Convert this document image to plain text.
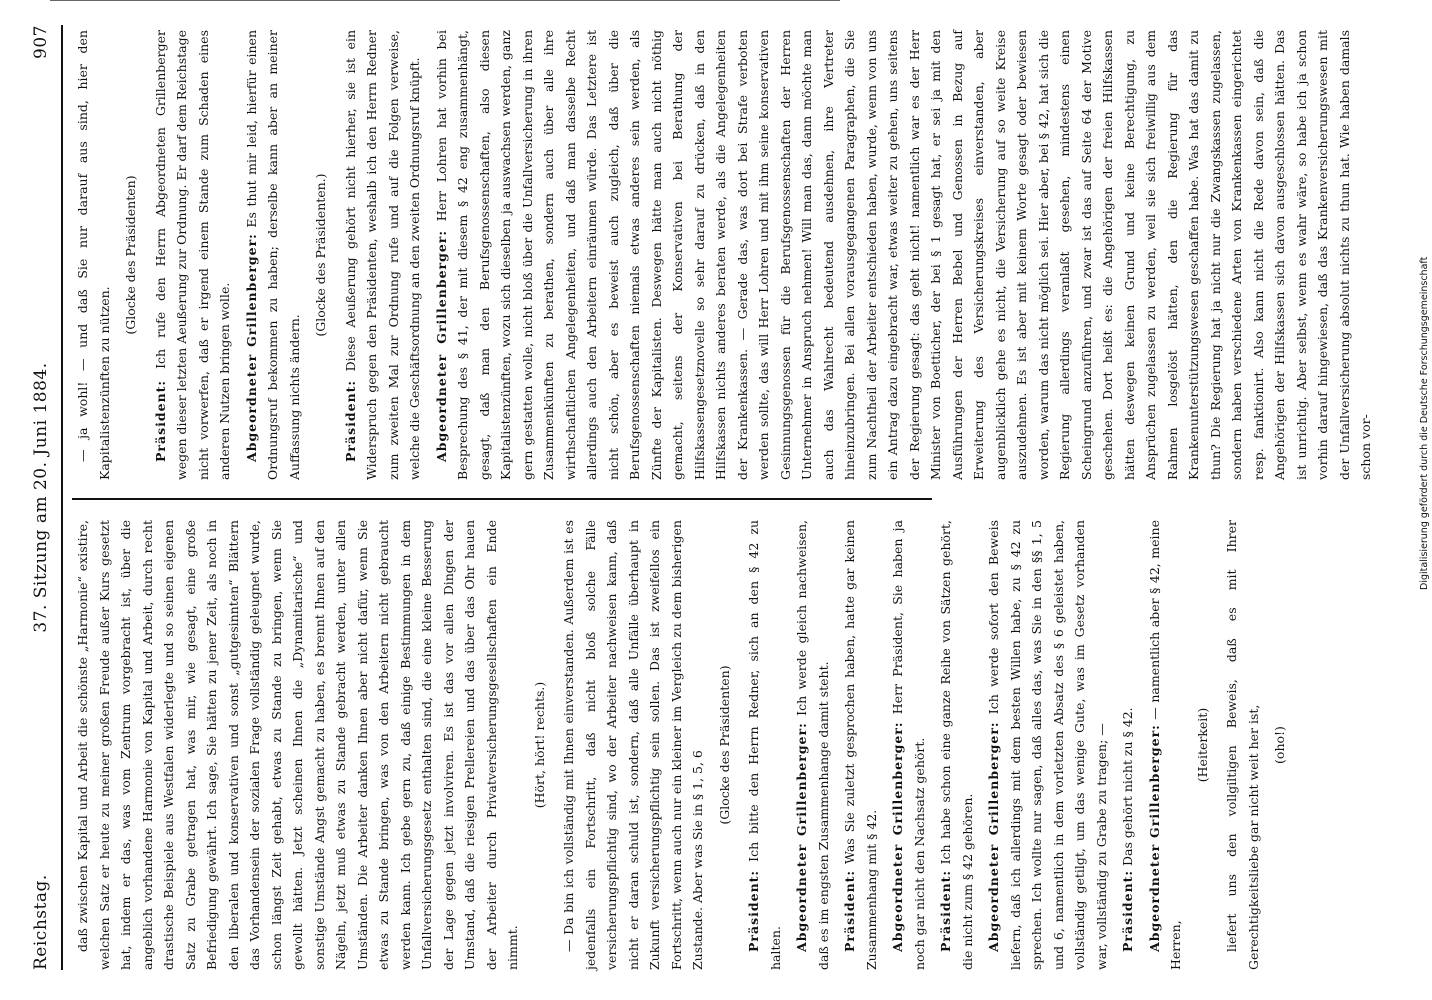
Reichstag.
37. Sitzung am 20. Juni 1884.
907

daß zwischen Kapital und Arbeit die schönste „Harmonie“ existire, welchen Satz er heute zu meiner großen Freude außer Kurs gesetzt hat, indem er das, was vom Zentrum vorgebracht ist, über die angeblich vorhandene Harmonie von Kapital und Arbeit, durch recht drastische Beispiele aus Westfalen widerlegte und so seinen eigenen Satz zu Grabe getragen hat, was mir, wie gesagt, eine große Befriedigung gewährt. Ich sage, Sie hätten zu jener Zeit, als noch in den liberalen und konservativen und sonst „gutgesinnten“ Blättern das Vorhandensein der sozialen Frage vollständig geleugnet wurde, schon längst Zeit gehabt, etwas zu Stande zu bringen, wenn Sie gewollt hätten. Jetzt scheinen Ihnen die „Dynamitarische“ und sonstige Umstände Angst gemacht zu haben, es brennt Ihnen auf den Nägeln, jetzt muß etwas zu Stande gebracht werden, unter allen Umständen. Die Arbeiter danken Ihnen aber nicht dafür, wenn Sie etwas zu Stande bringen, was von den Arbeitern nicht gebraucht werden kann. Ich gebe gern zu, daß einige Bestimmungen in dem Unfallversicherungsgesetz enthalten sind, die eine kleine Besserung der Lage gegen jetzt involviren. Es ist das vor allen Dingen der Umstand, daß die riesigen Prellereien und das über das Ohr hauen der Arbeiter durch Privatversicherungsgesellschaften ein Ende nimmt.

(Hört, hört! rechts.) — Da bin ich vollständig mit Ihnen einverstanden. Außerdem ist es jedenfalls ein Fortschritt, daß nicht bloß solche Fälle versicherungspflichtig sind, wo der Arbeiter nachweisen kann, daß nicht er daran schuld ist, sondern, daß alle Unfälle überhaupt in Zukunft versicherungspflichtig sein sollen. Das ist zweifellos ein Fortschritt, wenn auch nur ein kleiner im Vergleich zu dem bisherigen Zustande. Aber was Sie in § 1, 5, 6

(Glocke des Präsidenten)

Präsident: Ich bitte den Herrn Redner, sich an den § 42 zu halten. Abgeordneter Grillenberger: Ich werde gleich nachweisen, daß es im engsten Zusammenhange damit steht. Präsident: Was Sie zuletzt gesprochen haben, hatte gar keinen Zusammenhang mit § 42. Abgeordneter Grillenberger: Herr Präsident, Sie haben ja noch gar nicht den Nachsatz gehört. Präsident: Ich habe schon eine ganze Reihe von Sätzen gehört, die nicht zum § 42 gehören. Abgeordneter Grillenberger: Ich werde sofort den Beweis liefern, daß ich allerdings mit dem besten Willen habe, zu § 42 zu sprechen. Ich wollte nur sagen, daß alles das, was Sie in den §§ 1, 5 und 6, namentlich in dem vorletzten Absatz des § 6 geleistet haben, vollständig getilgt, um das wenige Gute, was im Gesetz vorhanden war, vollständig zu Grabe zu tragen; — Präsident: Das gehört nicht zu § 42. Abgeordneter Grillenberger: — namentlich aber § 42, meine Herren,

(Heiterkeit) liefert uns den vollgiltigen Beweis, daß es mit Ihrer Gerechtigkeitsliebe gar nicht weit her ist, (oho!)

— ja wohl! — und daß Sie nur darauf aus sind, hier den Kapitalistenzünften zu nützen.

(Glocke des Präsidenten)

Präsident: Ich rufe den Herrn Abgeordneten Grillenberger wegen dieser letzten Aeußerung zur Ordnung. Er darf dem Reichstage nicht vorwerfen, daß er irgend einem Stande zum Schaden eines anderen Nutzen bringen wolle. Abgeordneter Grillenberger: Es thut mir leid, hierfür einen Ordnungsruf bekommen zu haben; derselbe kann aber an meiner Auffassung nichts ändern.

(Glocke des Präsidenten.)

Präsident: Diese Aeußerung gehört nicht hierher, sie ist ein Widerspruch gegen den Präsidenten, weshalb ich den Herrn Redner zum zweiten Mal zur Ordnung rufe und auf die Folgen verweise, welche die Geschäftsordnung an den zweiten Ordnungsruf knüpft. Abgeordneter Grillenberger: Herr Lohren hat vorhin bei Besprechung des § 41, der mit diesem § 42 eng zusammenhängt, gesagt, daß man den Berufsgenossenschaften, also diesen Kapitalistenzünften, wozu sich dieselben ja auswachsen werden, ganz gern gestatten wolle, nicht bloß über die Unfallversicherung in ihren Zusammenkünften zu berathen, sondern auch über alle ihre wirthschaftlichen Angelegenheiten, und daß man dasselbe Recht allerdings auch den Arbeitern einräumen würde. Das Letztere ist nicht schön, aber es beweist auch zugleich, daß über die Berufsgenossenschaften niemals etwas anderes sein werden, als Zünfte der Kapitalisten. Deswegen hätte man auch nicht nöthig gemacht, seitens der Konservativen bei Berathung der Hilfskassengesetznovelle so sehr darauf zu drücken, daß in den Hilfskassen nichts anderes beraten werde, als die Angelegenheiten der Krankenkassen. — Gerade das, was dort bei Strafe verboten werden sollte, das will Herr Lohren und mit ihm seine konservativen Gesinnungsgenossen für die Berufsgenossenschaften der Herren Unternehmer in Anspruch nehmen! Will man das, dann möchte man auch das Wahlrecht bedeutend ausdehnen, ihre Vertreter hineinzubringen. Bei allen vorausgegangenen Paragraphen, die Sie zum Nachtheil der Arbeiter entschieden haben, wurde, wenn von uns ein Antrag dazu eingebracht war, etwas weiter zu gehen, uns seitens der Regierung gesagt: das geht nicht! namentlich war es der Herr Minister von Boetticher, der bei § 1 gesagt hat, er sei ja mit den Ausführungen der Herren Bebel und Genossen in Bezug auf Erweiterung des Versicherungskreises einverstanden, aber augenblicklich gehe es nicht, die Versicherung auf so weite Kreise auszudehnen. Es ist aber mit keinem Worte gesagt oder bewiesen worden, warum das nicht möglich sei. Hier aber, bei § 42, hat sich die Regierung allerdings veranlaßt gesehen, mindestens einen Scheingrund anzuführen, und zwar ist das auf Seite 64 der Motive geschehen. Dort heißt es: die Angehörigen der freien Hilfskassen hätten deswegen keinen Grund und keine Berechtigung, zu Ansprüchen zugelassen zu werden, weil sie sich freiwillig aus dem Rahmen losgelöst hätten, den die Regierung für das Krankenunterstützungswesen geschaffen habe. Was hat das damit zu thun? Die Regierung hat ja nicht nur die Zwangskassen zugelassen, sondern haben verschiedene Arten von Krankenkassen eingerichtet resp. fanktionirt. Also kann nicht die Rede davon sein, daß die Angehörigen der Hilfskassen sich davon ausgeschlossen hätten. Das ist unrichtig. Aber selbst, wenn es wahr wäre, so habe ich ja schon vorhin darauf hingewiesen, daß das Krankenversicherungswesen mit der Unfallversicherung absolut nichts zu thun hat. Wie haben damals schon vor-	Digitalisierung gefördert durch die Deutsche Forschungsgemeinschaft
